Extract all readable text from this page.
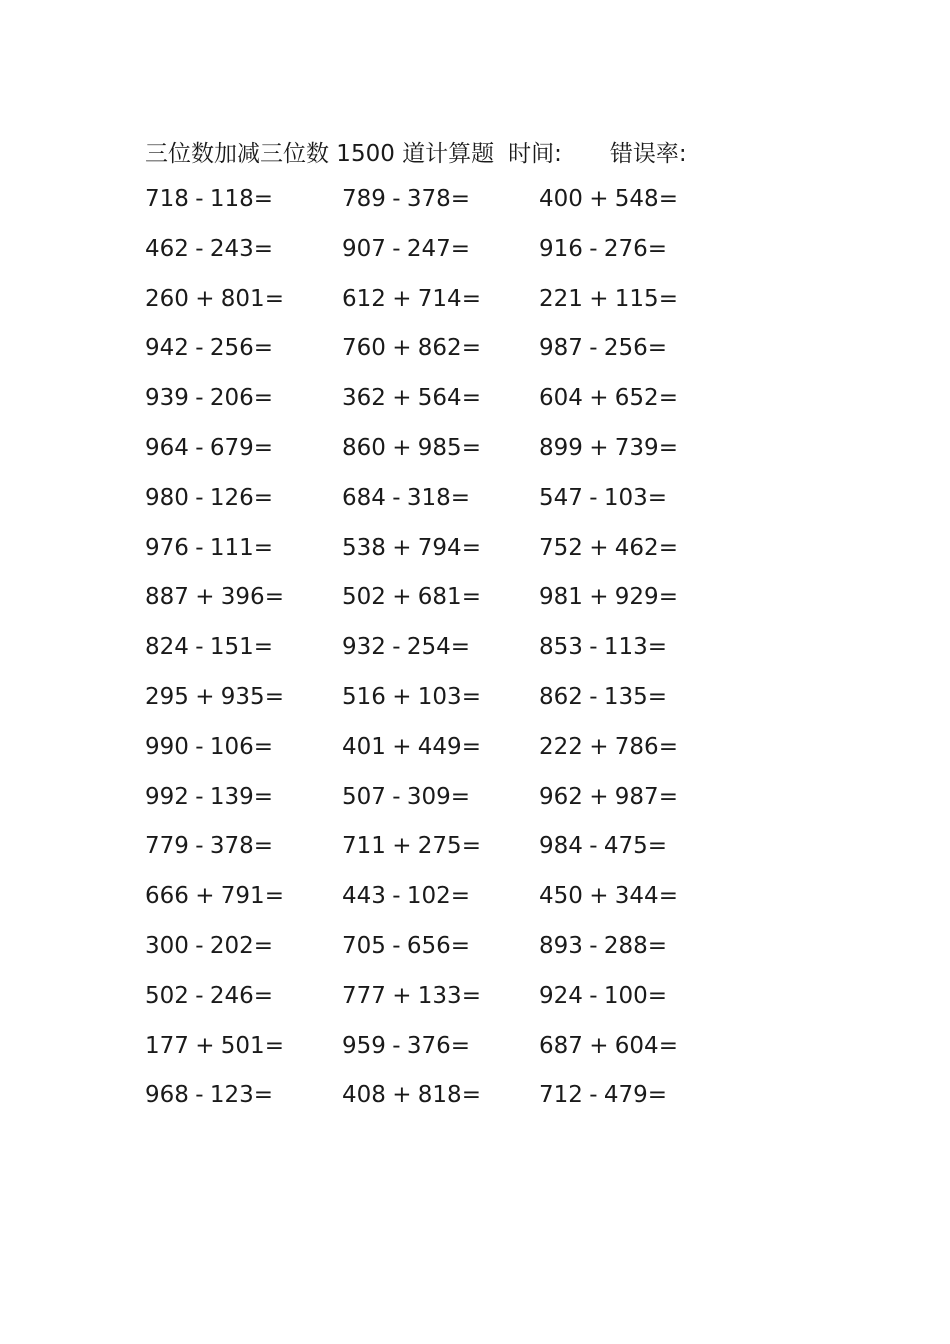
三位数加减三位数 1500 道计算题 时间: 错误率:
718 - 118=	789 - 378=	400 + 548=
462 - 243=	907 - 247=	916 - 276=
260 + 801=	612 + 714=	221 + 115=
942 - 256=	760 + 862=	987 - 256=
939 - 206=	362 + 564=	604 + 652=
964 - 679=	860 + 985=	899 + 739=
980 - 126=	684 - 318=	547 - 103=
976 - 111=	538 + 794=	752 + 462=
887 + 396=	502 + 681=	981 + 929=
824 - 151=	932 - 254=	853 - 113=
295 + 935=	516 + 103=	862 - 135=
990 - 106=	401 + 449=	222 + 786=
992 - 139=	507 - 309=	962 + 987=
779 - 378=	711 + 275=	984 - 475=
666 + 791=	443 - 102=	450 + 344=
300 - 202=	705 - 656=	893 - 288=
502 - 246=	777 + 133=	924 - 100=
177 + 501=	959 - 376=	687 + 604=
968 - 123=	408 + 818=	712 - 479=
